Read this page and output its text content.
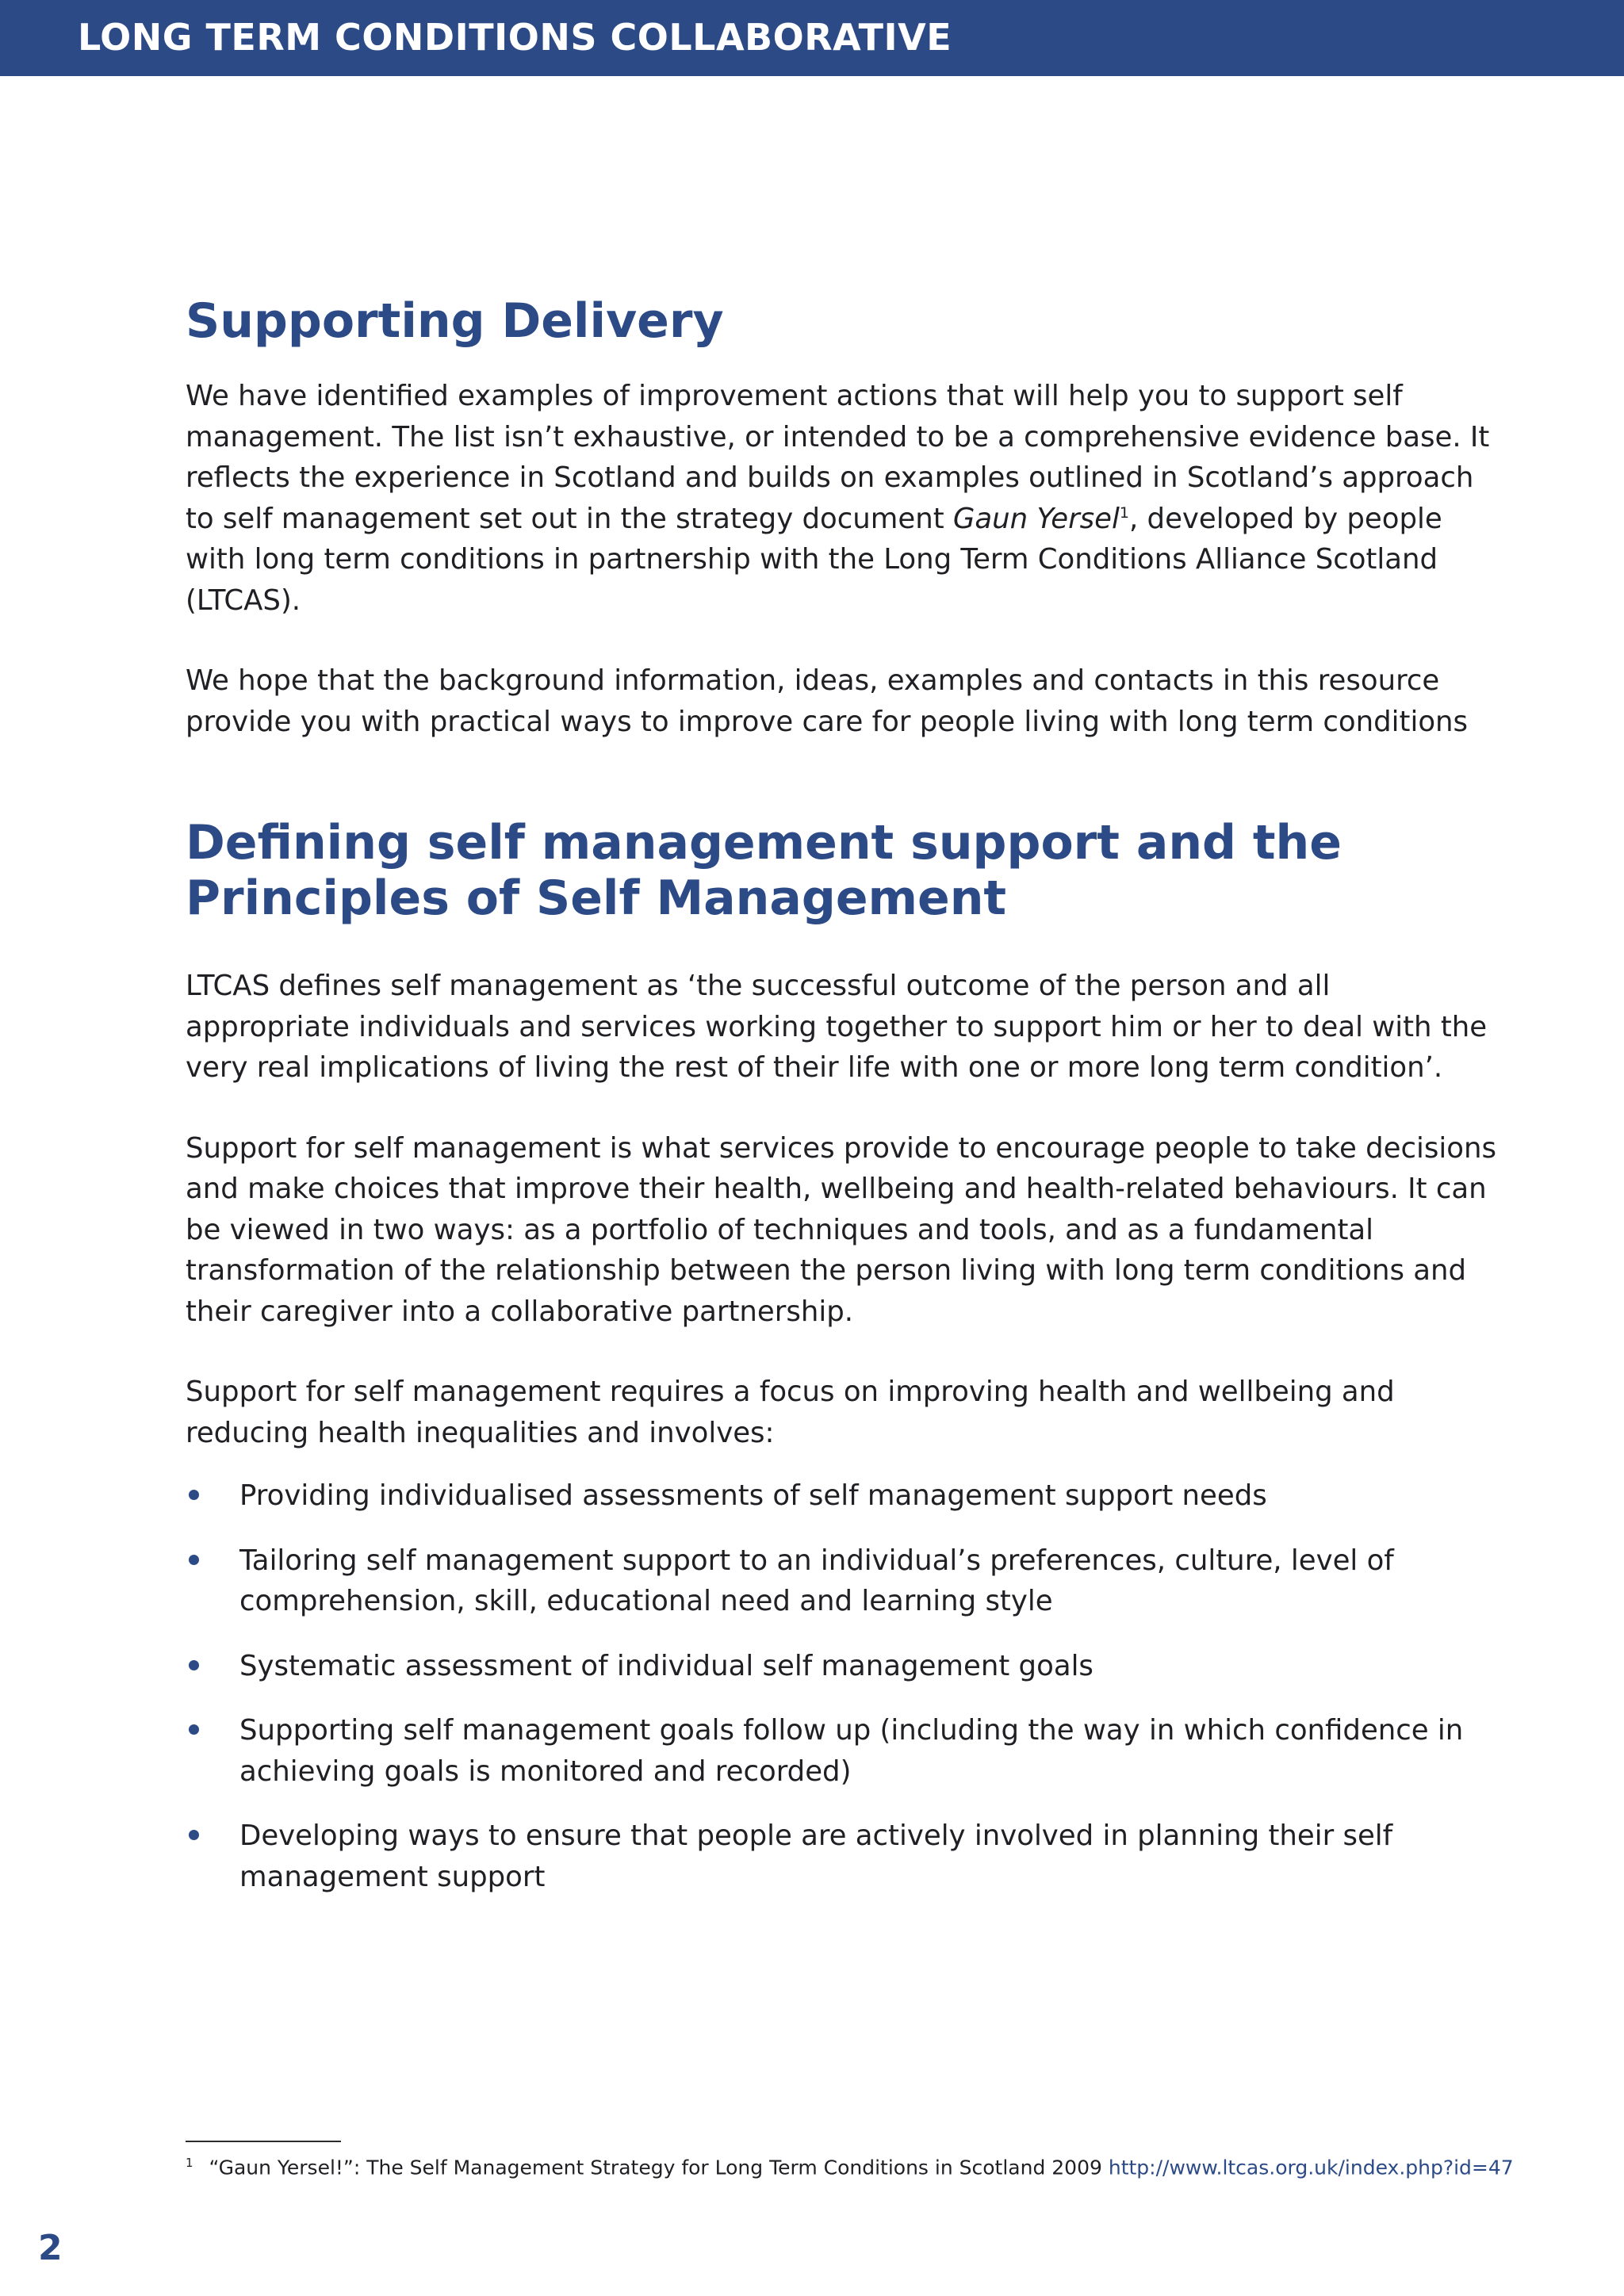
LONG TERM CONDITIONS COLLABORATIVE
Supporting Delivery

We have identified examples of improvement actions that will help you to support self management. The list isn’t exhaustive, or intended to be a comprehensive evidence base. It reflects the experience in Scotland and builds on examples outlined in Scotland’s approach to self management set out in the strategy document Gaun Yersel$^1$, developed by people with long term conditions in partnership with the Long Term Conditions Alliance Scotland (LTCAS).

We hope that the background information, ideas, examples and contacts in this resource provide you with practical ways to improve care for people living with long term conditions

Defining self management support and the
Principles of Self Management

LTCAS defines self management as ‘the successful outcome of the person and all appropriate individuals and services working together to support him or her to deal with the very real implications of living the rest of their life with one or more long term condition’.

Support for self management is what services provide to encourage people to take decisions and make choices that improve their health, wellbeing and health-related behaviours. It can be viewed in two ways: as a portfolio of techniques and tools, and as a fundamental transformation of the relationship between the person living with long term conditions and their caregiver into a collaborative partnership.

Support for self management requires a focus on improving health and wellbeing and reducing health inequalities and involves:

Providing individualised assessments of self management support needs
Tailoring self management support to an individual’s preferences, culture, level of comprehension, skill, educational need and learning style
Systematic assessment of individual self management goals
Supporting self management goals follow up (including the way in which confidence in achieving goals is monitored and recorded)
Developing ways to ensure that people are actively involved in planning their self management support
$^1$ “Gaun Yersel!”: The Self Management Strategy for Long Term Conditions in Scotland 2009 http://www.ltcas.org.uk/index.php?id=47
2
